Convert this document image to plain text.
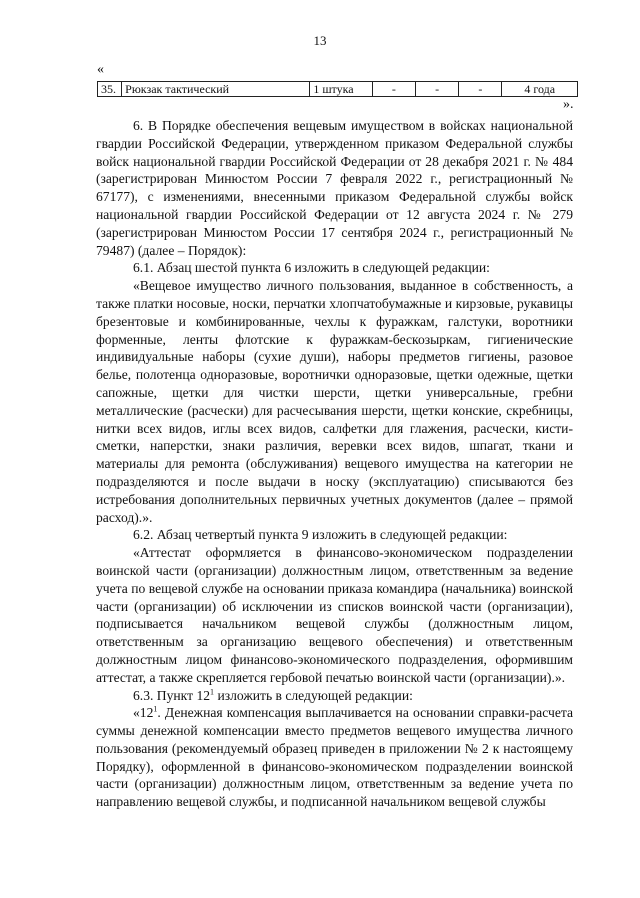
13
«
35.	Рюкзак тактический	1 штука	-	-	-	4 года
».

6. В Порядке обеспечения вещевым имуществом в войсках национальной гвардии Российской Федерации, утвержденном приказом Федеральной службы войск национальной гвардии Российской Федерации от 28 декабря 2021 г. № 484 (зарегистрирован Минюстом России 7 февраля 2022 г., регистрационный № 67177), с изменениями, внесенными приказом Федеральной службы войск национальной гвардии Российской Федерации от 12 августа 2024 г. № 279 (зарегистрирован Минюстом России 17 сентября 2024 г., регистрационный № 79487) (далее – Порядок):

6.1. Абзац шестой пункта 6 изложить в следующей редакции:

«Вещевое имущество личного пользования, выданное в собственность, а также платки носовые, носки, перчатки хлопчатобумажные и кирзовые, рукавицы брезентовые и комбинированные, чехлы к фуражкам, галстуки, воротники форменные, ленты флотские к фуражкам-бескозыркам, гигиенические индивидуальные наборы (сухие души), наборы предметов гигиены, разовое белье, полотенца одноразовые, воротнички одноразовые, щетки одежные, щетки сапожные, щетки для чистки шерсти, щетки универсальные, гребни металлические (расчески) для расчесывания шерсти, щетки конские, скребницы, нитки всех видов, иглы всех видов, салфетки для глажения, расчески, кисти-сметки, наперстки, знаки различия, веревки всех видов, шпагат, ткани и материалы для ремонта (обслуживания) вещевого имущества на категории не подразделяются и после выдачи в носку (эксплуатацию) списываются без истребования дополнительных первичных учетных документов (далее – прямой расход).».

6.2. Абзац четвертый пункта 9 изложить в следующей редакции:

«Аттестат оформляется в финансово-экономическом подразделении воинской части (организации) должностным лицом, ответственным за ведение учета по вещевой службе на основании приказа командира (начальника) воинской части (организации) об исключении из списков воинской части (организации), подписывается начальником вещевой службы (должностным лицом, ответственным за организацию вещевого обеспечения) и ответственным должностным лицом финансово-экономического подразделения, оформившим аттестат, а также скрепляется гербовой печатью воинской части (организации).».

6.3. Пункт $12^1$ изложить в следующей редакции:

«$12^1$. Денежная компенсация выплачивается на основании справки-расчета суммы денежной компенсации вместо предметов вещевого имущества личного пользования (рекомендуемый образец приведен в приложении № 2 к настоящему Порядку), оформленной в финансово-экономическом подразделении воинской части (организации) должностным лицом, ответственным за ведение учета по направлению вещевой службы, и подписанной начальником вещевой службы
